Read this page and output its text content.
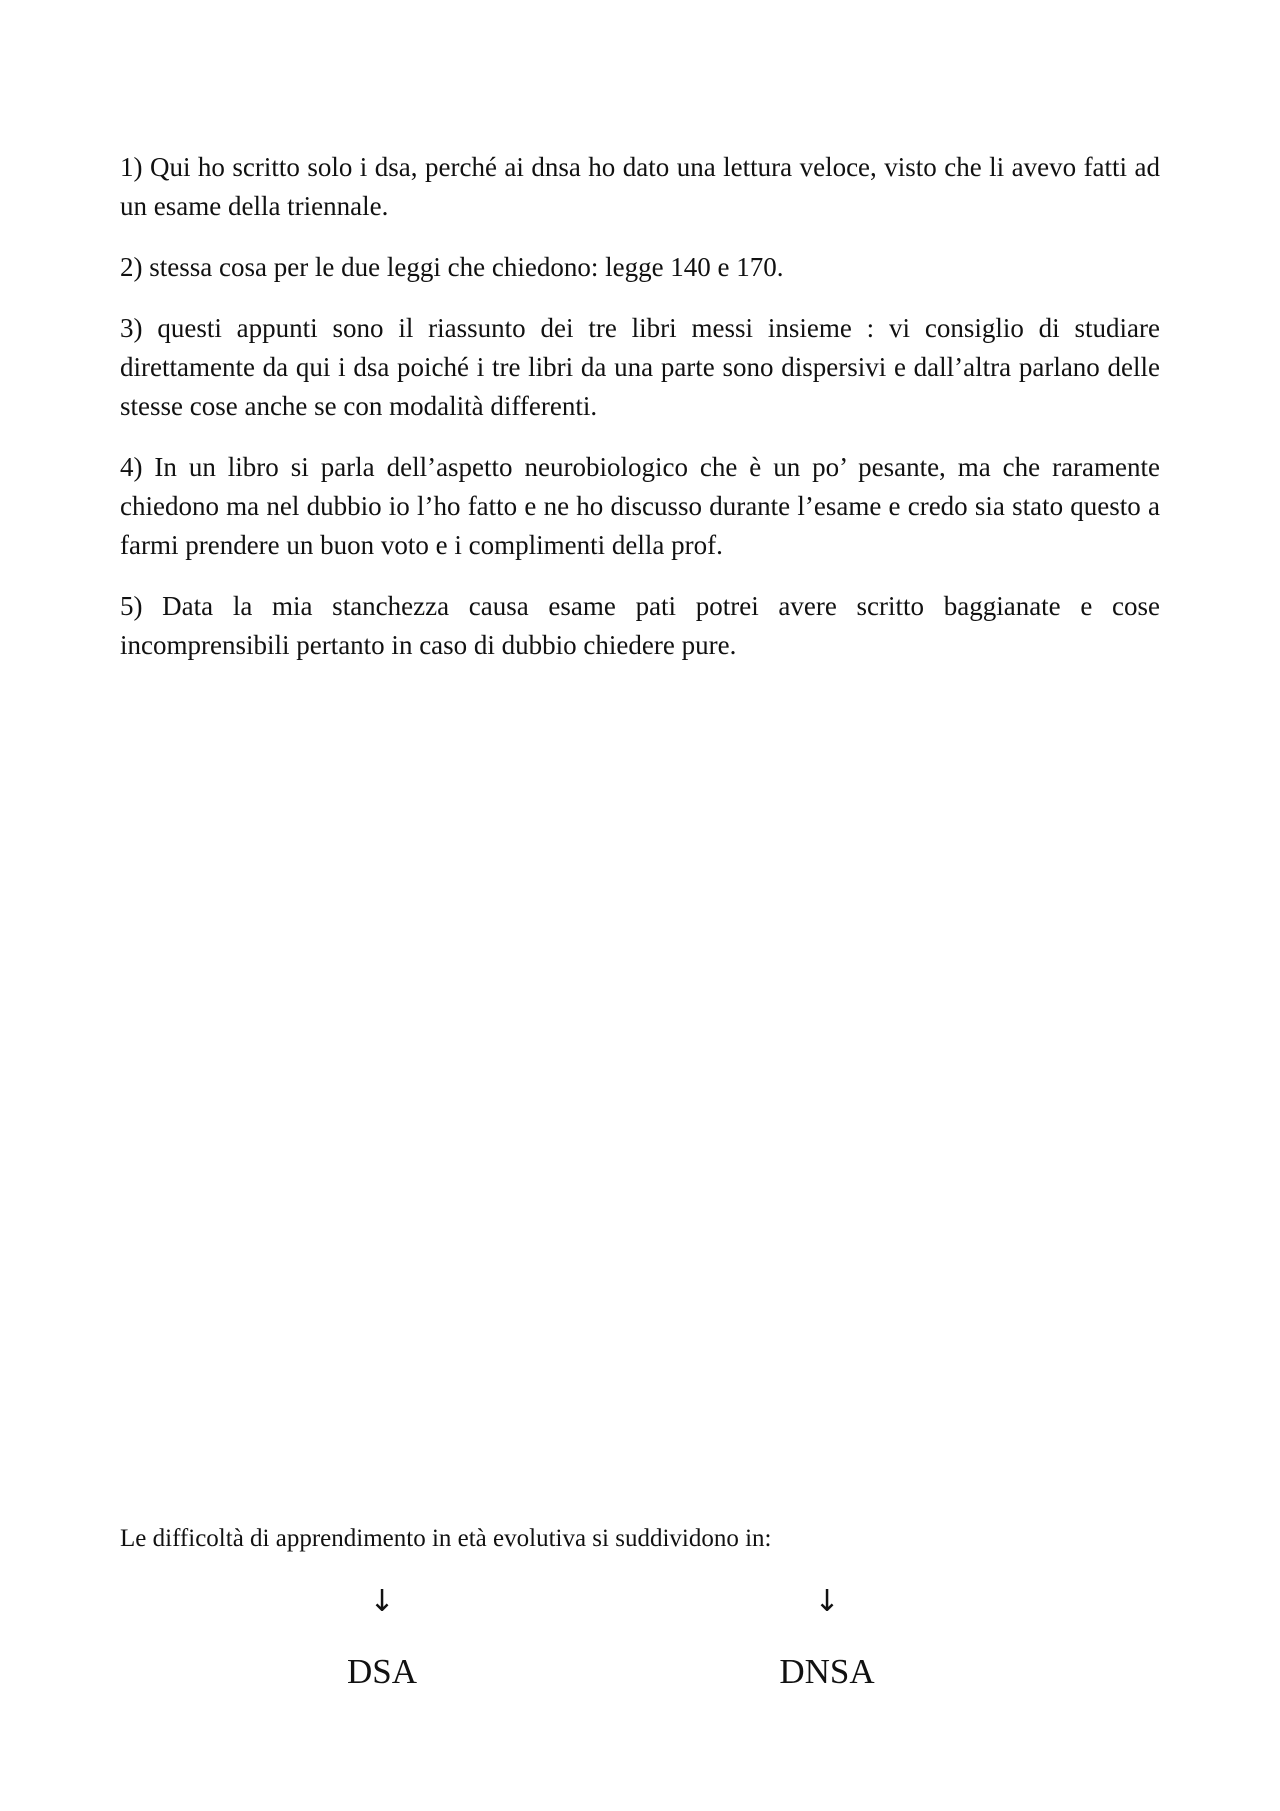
1) Qui ho scritto solo i dsa, perché ai dnsa ho dato una lettura veloce, visto che li avevo fatti ad un esame della triennale.
2) stessa cosa per le due leggi che chiedono: legge 140 e 170.
3) questi appunti sono il riassunto dei tre libri messi insieme : vi consiglio di studiare direttamente da qui i dsa poiché i tre libri da una parte sono dispersivi e dall’altra parlano delle stesse cose anche se con modalità differenti.
4) In un libro si parla dell’aspetto neurobiologico che è un po’ pesante, ma che raramente chiedono ma nel dubbio io l’ho fatto e ne ho discusso durante l’esame e credo sia stato questo a farmi prendere un buon voto e i complimenti della prof.
5) Data la mia stanchezza causa esame pati potrei avere scritto baggianate e cose incomprensibili pertanto in caso di dubbio chiedere pure.

Le difficoltà di apprendimento in età evolutiva si suddividono in:

↓
DSA
↓
DNSA
